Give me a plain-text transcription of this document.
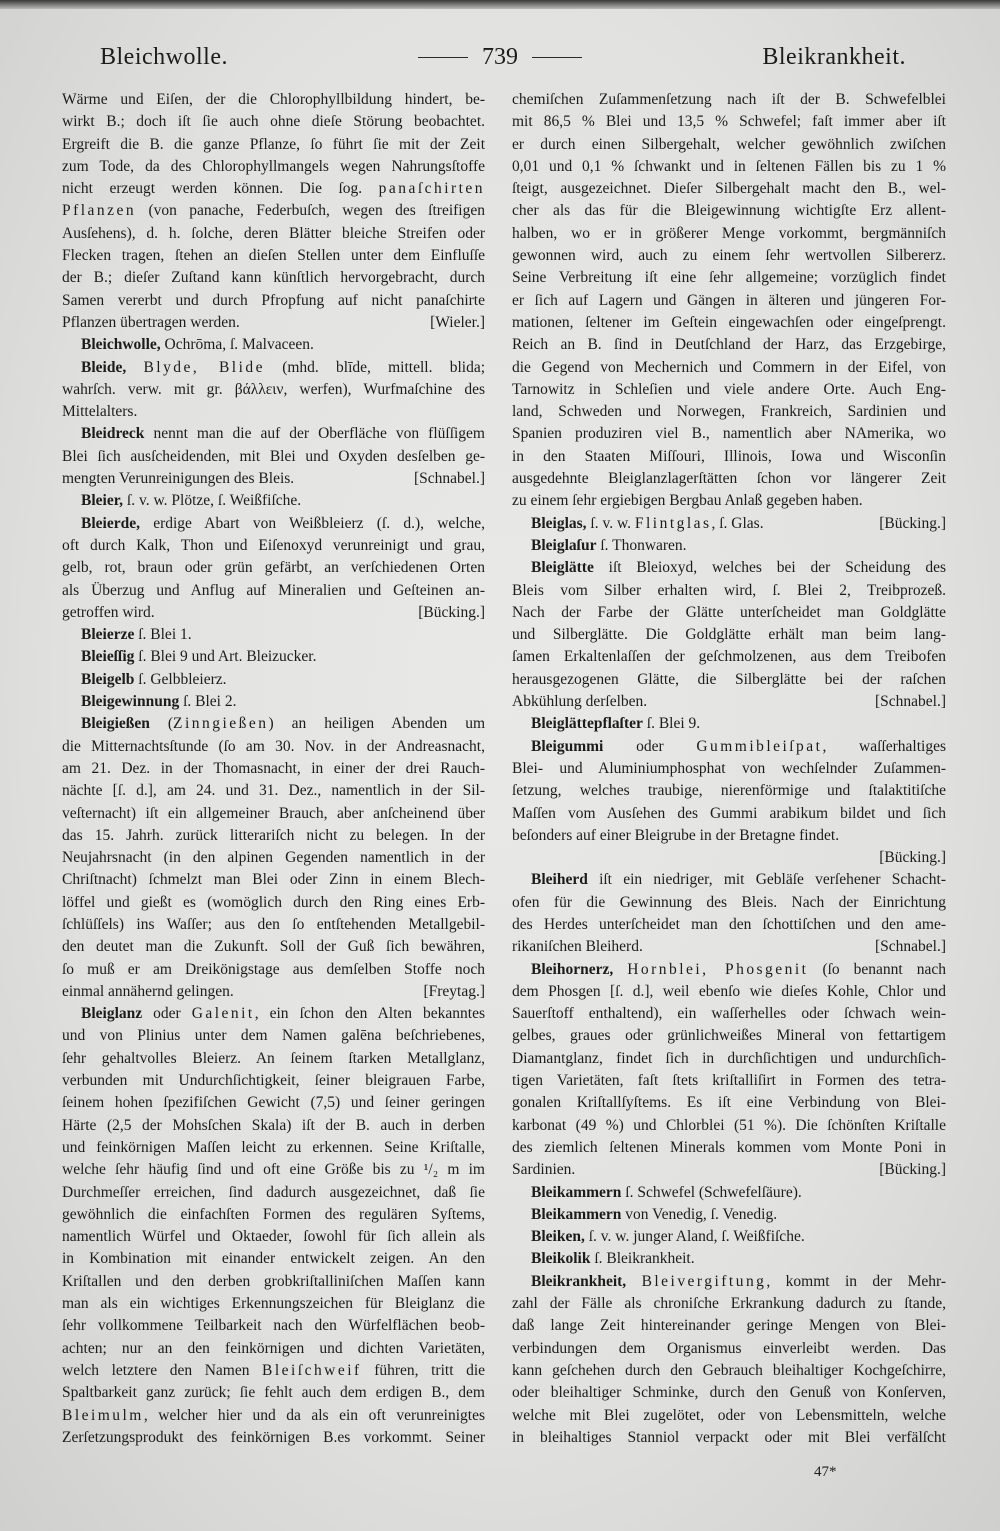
Bleichwolle.	739	Bleikrankheit.
Wärme und Eiſen, der die Chlorophyllbildung hindert, be-
wirkt B.; doch iſt ſie auch ohne dieſe Störung beobachtet.
Ergreift die B. die ganze Pflanze, ſo führt ſie mit der Zeit
zum Tode, da des Chlorophyllmangels wegen Nahrungsſtoffe
nicht erzeugt werden können. Die ſog. panaſchirten
Pflanzen (von panache, Federbuſch, wegen des ſtreifigen
Ausſehens), d. h. ſolche, deren Blätter bleiche Streifen oder
Flecken tragen, ſtehen an dieſen Stellen unter dem Einfluſſe
der B.; dieſer Zuſtand kann künſtlich hervorgebracht, durch
Samen vererbt und durch Pfropfung auf nicht panaſchirte
Pflanzen übertragen werden.	[Wieler.]
Bleichwolle, Ochrōma, ſ. Malvaceen.
Bleide, Blyde, Blide (mhd. blīde, mittell. blida;
wahrſch. verw. mit gr. βάλλειν, werfen), Wurfmaſchine des
Mittelalters.
Bleidreck nennt man die auf der Oberfläche von flüſſigem
Blei ſich ausſcheidenden, mit Blei und Oxyden desſelben ge-
mengten Verunreinigungen des Bleis.	[Schnabel.]
Bleier, ſ. v. w. Plötze, ſ. Weißfiſche.
Bleierde, erdige Abart von Weißbleierz (ſ. d.), welche,
oft durch Kalk, Thon und Eiſenoxyd verunreinigt und grau,
gelb, rot, braun oder grün gefärbt, an verſchiedenen Orten
als Überzug und Anflug auf Mineralien und Geſteinen an-
getroffen wird.	[Bücking.]
Bleierze ſ. Blei 1.
Bleieſſig ſ. Blei 9 und Art. Bleizucker.
Bleigelb ſ. Gelbbleierz.
Bleigewinnung ſ. Blei 2.
Bleigießen (Zinngießen) an heiligen Abenden um
die Mitternachtsſtunde (ſo am 30. Nov. in der Andreasnacht,
am 21. Dez. in der Thomasnacht, in einer der drei Rauch-
nächte [ſ. d.], am 24. und 31. Dez., namentlich in der Sil-
veſternacht) iſt ein allgemeiner Brauch, aber anſcheinend über
das 15. Jahrh. zurück litterariſch nicht zu belegen. In der
Neujahrsnacht (in den alpinen Gegenden namentlich in der
Chriſtnacht) ſchmelzt man Blei oder Zinn in einem Blech-
löffel und gießt es (womöglich durch den Ring eines Erb-
ſchlüſſels) ins Waſſer; aus den ſo entſtehenden Metallgebil-
den deutet man die Zukunft. Soll der Guß ſich bewähren,
ſo muß er am Dreikönigstage aus demſelben Stoffe noch
einmal annähernd gelingen.	[Freytag.]
Bleiglanz oder Galenit, ein ſchon den Alten bekanntes
und von Plinius unter dem Namen galēna beſchriebenes,
ſehr gehaltvolles Bleierz. An ſeinem ſtarken Metallglanz,
verbunden mit Undurchſichtigkeit, ſeiner bleigrauen Farbe,
ſeinem hohen ſpezifiſchen Gewicht (7,5) und ſeiner geringen
Härte (2,5 der Mohsſchen Skala) iſt der B. auch in derben
und feinkörnigen Maſſen leicht zu erkennen. Seine Kriſtalle,
welche ſehr häufig ſind und oft eine Größe bis zu ¹/₂ m im
Durchmeſſer erreichen, ſind dadurch ausgezeichnet, daß ſie
gewöhnlich die einfachſten Formen des regulären Syſtems,
namentlich Würfel und Oktaeder, ſowohl für ſich allein als
in Kombination mit einander entwickelt zeigen. An den
Kriſtallen und den derben grobkriſtalliniſchen Maſſen kann
man als ein wichtiges Erkennungszeichen für Bleiglanz die
ſehr vollkommene Teilbarkeit nach den Würfelflächen beob-
achten; nur an den feinkörnigen und dichten Varietäten,
welch letztere den Namen Bleiſchweif führen, tritt die
Spaltbarkeit ganz zurück; ſie fehlt auch dem erdigen B., dem
Bleimulm, welcher hier und da als ein oft verunreinigtes
Zerſetzungsprodukt des feinkörnigen B.es vorkommt. Seiner
chemiſchen Zuſammenſetzung nach iſt der B. Schwefelblei
mit 86,5 % Blei und 13,5 % Schwefel; faſt immer aber iſt
er durch einen Silbergehalt, welcher gewöhnlich zwiſchen
0,01 und 0,1 % ſchwankt und in ſeltenen Fällen bis zu 1 %
ſteigt, ausgezeichnet. Dieſer Silbergehalt macht den B., wel-
cher als das für die Bleigewinnung wichtigſte Erz allent-
halben, wo er in größerer Menge vorkommt, bergmänniſch
gewonnen wird, auch zu einem ſehr wertvollen Silbererz.
Seine Verbreitung iſt eine ſehr allgemeine; vorzüglich findet
er ſich auf Lagern und Gängen in älteren und jüngeren For-
mationen, ſeltener im Geſtein eingewachſen oder eingeſprengt.
Reich an B. ſind in Deutſchland der Harz, das Erzgebirge,
die Gegend von Mechernich und Commern in der Eifel, von
Tarnowitz in Schleſien und viele andere Orte. Auch Eng-
land, Schweden und Norwegen, Frankreich, Sardinien und
Spanien produziren viel B., namentlich aber NAmerika, wo
in den Staaten Miſſouri, Illinois, Iowa und Wisconſin
ausgedehnte Bleiglanzlagerſtätten ſchon vor längerer Zeit
zu einem ſehr ergiebigen Bergbau Anlaß gegeben haben.
Bleiglas, ſ. v. w. Flintglas, ſ. Glas.	[Bücking.]
Bleiglaſur ſ. Thonwaren.
Bleiglätte iſt Bleioxyd, welches bei der Scheidung des
Bleis vom Silber erhalten wird, ſ. Blei 2, Treibprozeß.
Nach der Farbe der Glätte unterſcheidet man Goldglätte
und Silberglätte. Die Goldglätte erhält man beim lang-
ſamen Erkaltenlaſſen der geſchmolzenen, aus dem Treibofen
herausgezogenen Glätte, die Silberglätte bei der raſchen
Abkühlung derſelben.	[Schnabel.]
Bleiglättepflaſter ſ. Blei 9.
Bleigummi oder Gummibleiſpat, waſſerhaltiges
Blei- und Aluminiumphosphat von wechſelnder Zuſammen-
ſetzung, welches traubige, nierenförmige und ſtalaktitiſche
Maſſen vom Ausſehen des Gummi arabikum bildet und ſich
beſonders auf einer Bleigrube in der Bretagne findet.
[Bücking.]
Bleiherd iſt ein niedriger, mit Gebläſe verſehener Schacht-
ofen für die Gewinnung des Bleis. Nach der Einrichtung
des Herdes unterſcheidet man den ſchottiſchen und den ame-
rikaniſchen Bleiherd.	[Schnabel.]
Bleihornerz, Hornblei, Phosgenit (ſo benannt nach
dem Phosgen [ſ. d.], weil ebenſo wie dieſes Kohle, Chlor und
Sauerſtoff enthaltend), ein waſſerhelles oder ſchwach wein-
gelbes, graues oder grünlichweißes Mineral von fettartigem
Diamantglanz, findet ſich in durchſichtigen und undurchſich-
tigen Varietäten, faſt ſtets kriſtalliſirt in Formen des tetra-
gonalen Kriſtallſyſtems. Es iſt eine Verbindung von Blei-
karbonat (49 %) und Chlorblei (51 %). Die ſchönſten Kriſtalle
des ziemlich ſeltenen Minerals kommen vom Monte Poni in
Sardinien.	[Bücking.]
Bleikammern ſ. Schwefel (Schwefelſäure).
Bleikammern von Venedig, ſ. Venedig.
Bleiken, ſ. v. w. junger Aland, ſ. Weißfiſche.
Bleikolik ſ. Bleikrankheit.
Bleikrankheit, Bleivergiftung, kommt in der Mehr-
zahl der Fälle als chroniſche Erkrankung dadurch zu ſtande,
daß lange Zeit hintereinander geringe Mengen von Blei-
verbindungen dem Organismus einverleibt werden. Das
kann geſchehen durch den Gebrauch bleihaltiger Kochgeſchirre,
oder bleihaltiger Schminke, durch den Genuß von Konſerven,
welche mit Blei zugelötet, oder von Lebensmitteln, welche
in bleihaltiges Stanniol verpackt oder mit Blei verfälſcht
47*
